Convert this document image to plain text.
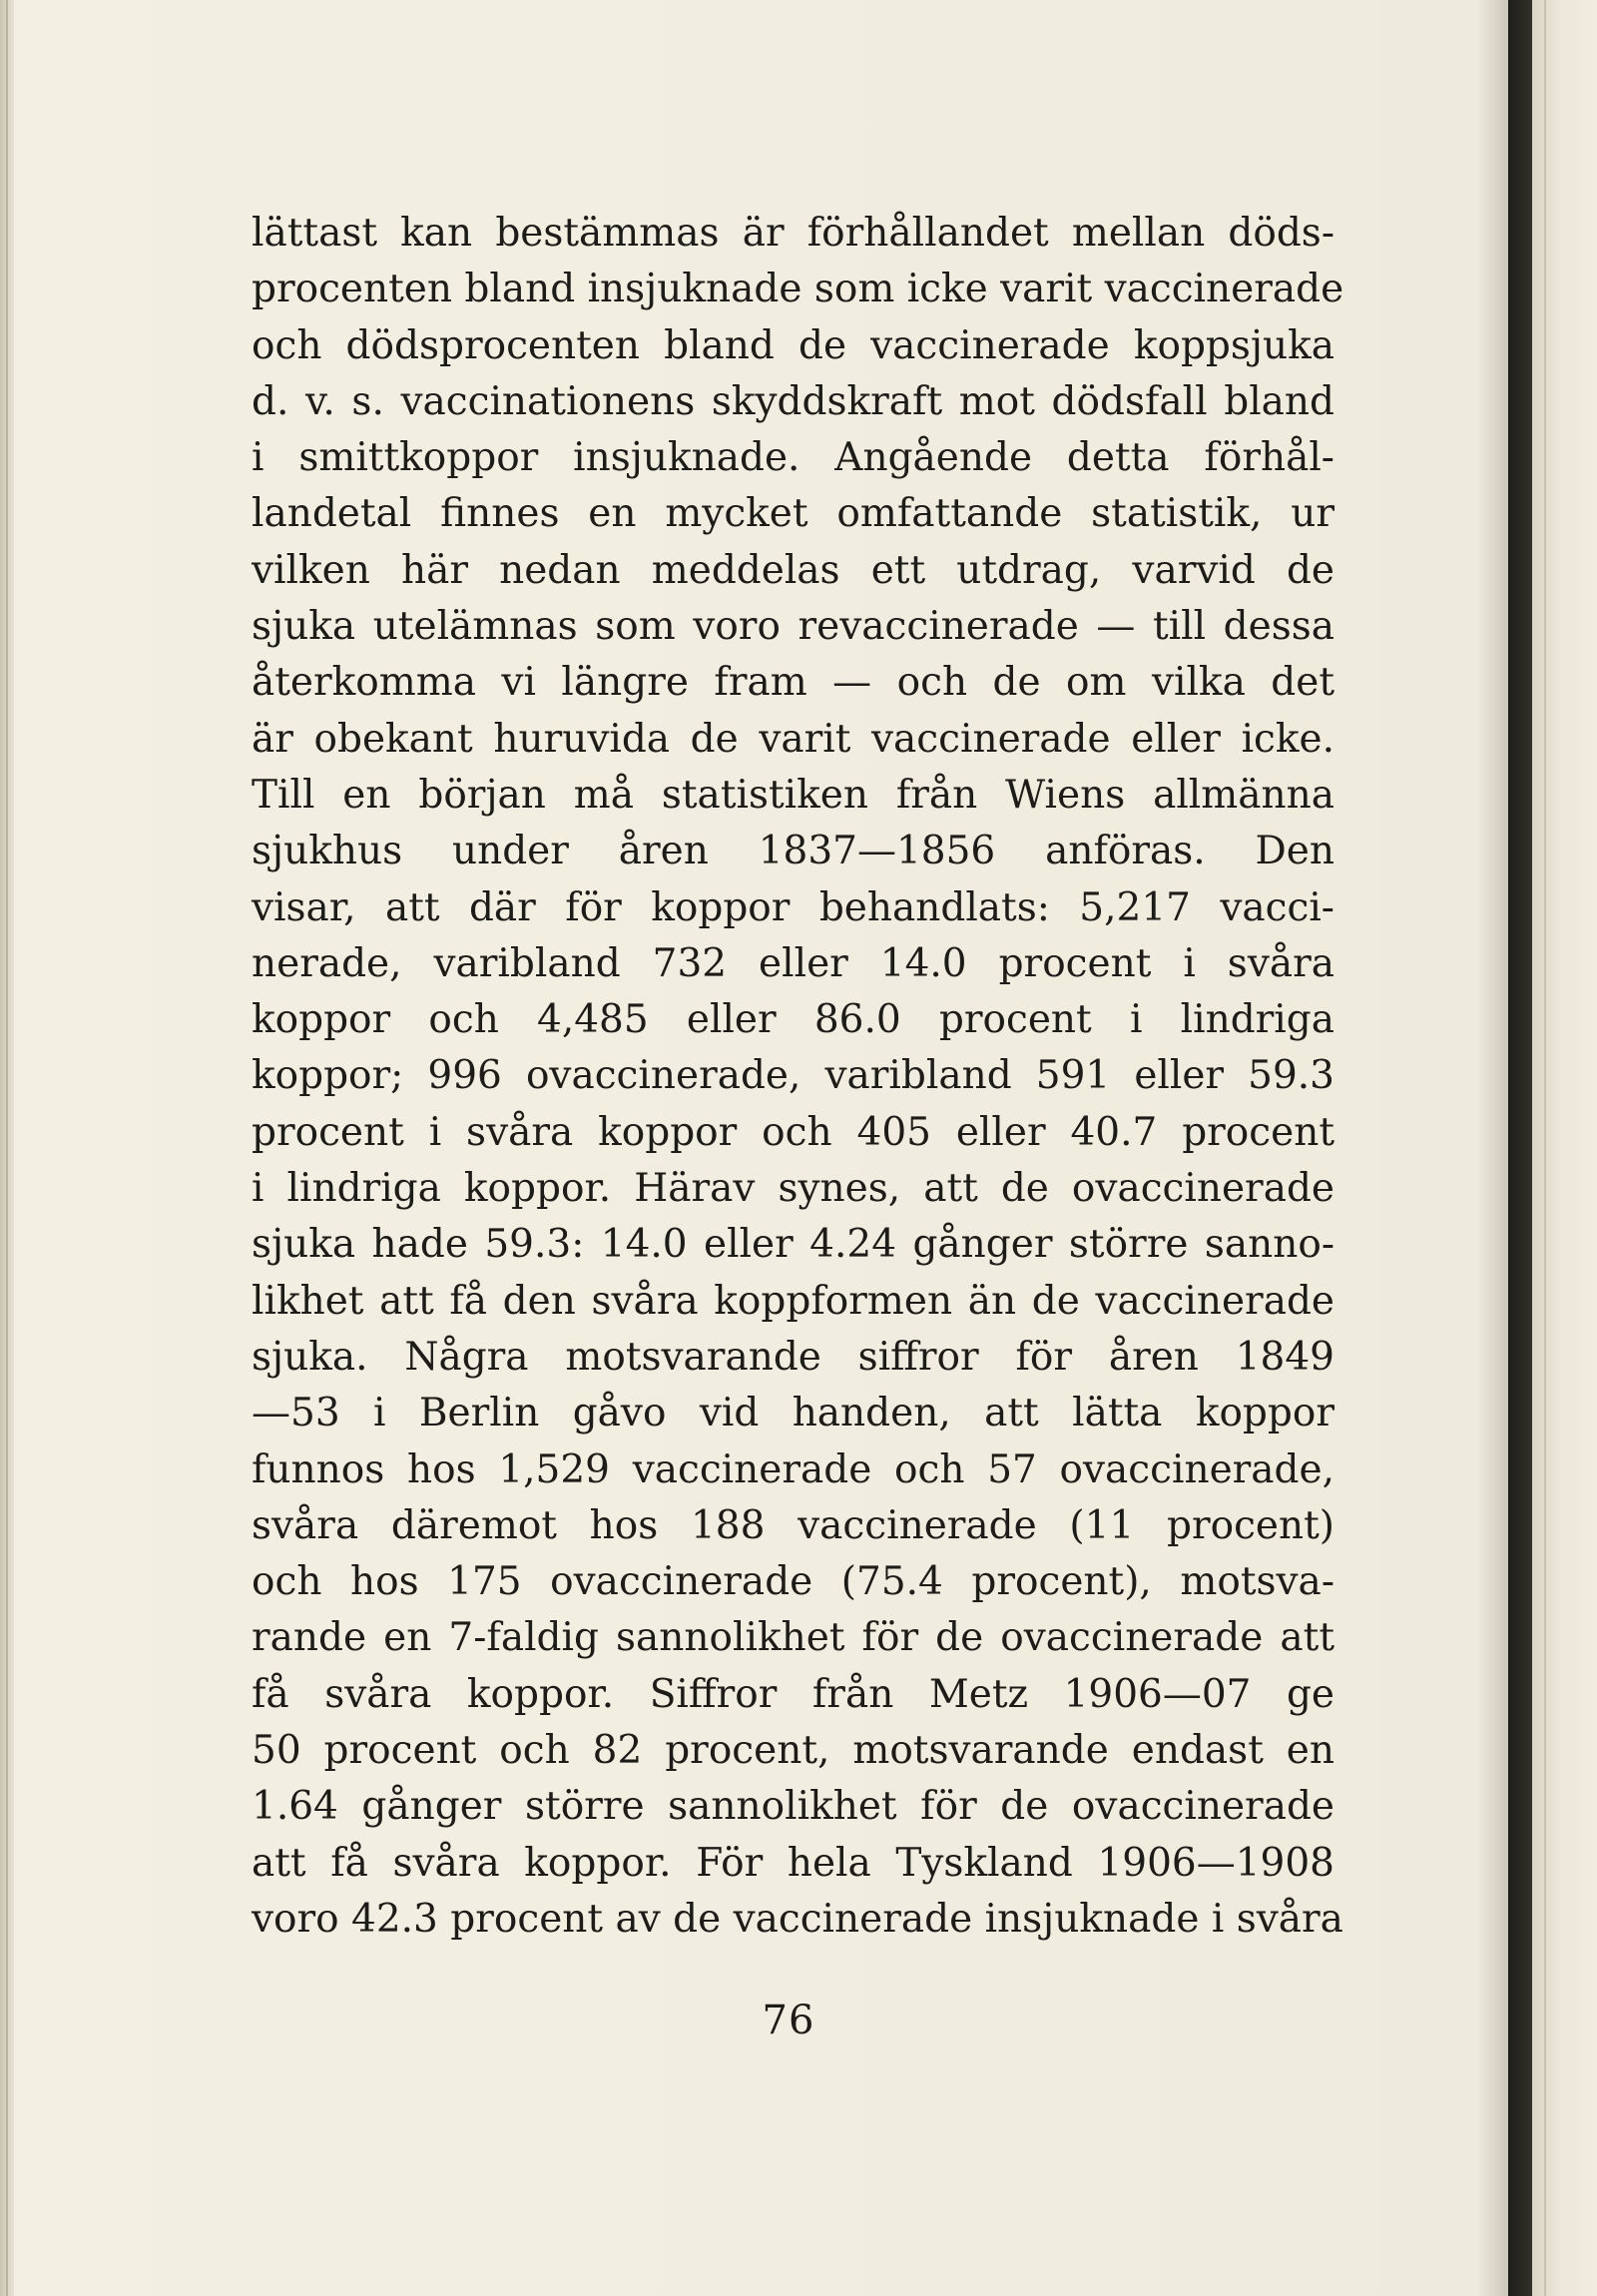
lättast kan bestämmas är förhållandet mellan döds-
procenten bland insjuknade som icke varit vaccinerade
och dödsprocenten bland de vaccinerade koppsjuka
d. v. s. vaccinationens skyddskraft mot dödsfall bland
i smittkoppor insjuknade. Angående detta förhål-
landetal finnes en mycket omfattande statistik, ur
vilken här nedan meddelas ett utdrag, varvid de
sjuka utelämnas som voro revaccinerade — till dessa
återkomma vi längre fram — och de om vilka det
är obekant huruvida de varit vaccinerade eller icke.
Till en början må statistiken från Wiens allmänna
sjukhus under åren 1837—1856 anföras. Den
visar, att där för koppor behandlats: 5,217 vacci-
nerade, varibland 732 eller 14.0 procent i svåra
koppor och 4,485 eller 86.0 procent i lindriga
koppor; 996 ovaccinerade, varibland 591 eller 59.3
procent i svåra koppor och 405 eller 40.7 procent
i lindriga koppor. Härav synes, att de ovaccinerade
sjuka hade 59.3: 14.0 eller 4.24 gånger större sanno-
likhet att få den svåra koppformen än de vaccinerade
sjuka. Några motsvarande siffror för åren 1849
—53 i Berlin gåvo vid handen, att lätta koppor
funnos hos 1,529 vaccinerade och 57 ovaccinerade,
svåra däremot hos 188 vaccinerade (11 procent)
och hos 175 ovaccinerade (75.4 procent), motsva-
rande en 7-faldig sannolikhet för de ovaccinerade att
få svåra koppor. Siffror från Metz 1906—07 ge
50 procent och 82 procent, motsvarande endast en
1.64 gånger större sannolikhet för de ovaccinerade
att få svåra koppor. För hela Tyskland 1906—1908
voro 42.3 procent av de vaccinerade insjuknade i svåra
76
